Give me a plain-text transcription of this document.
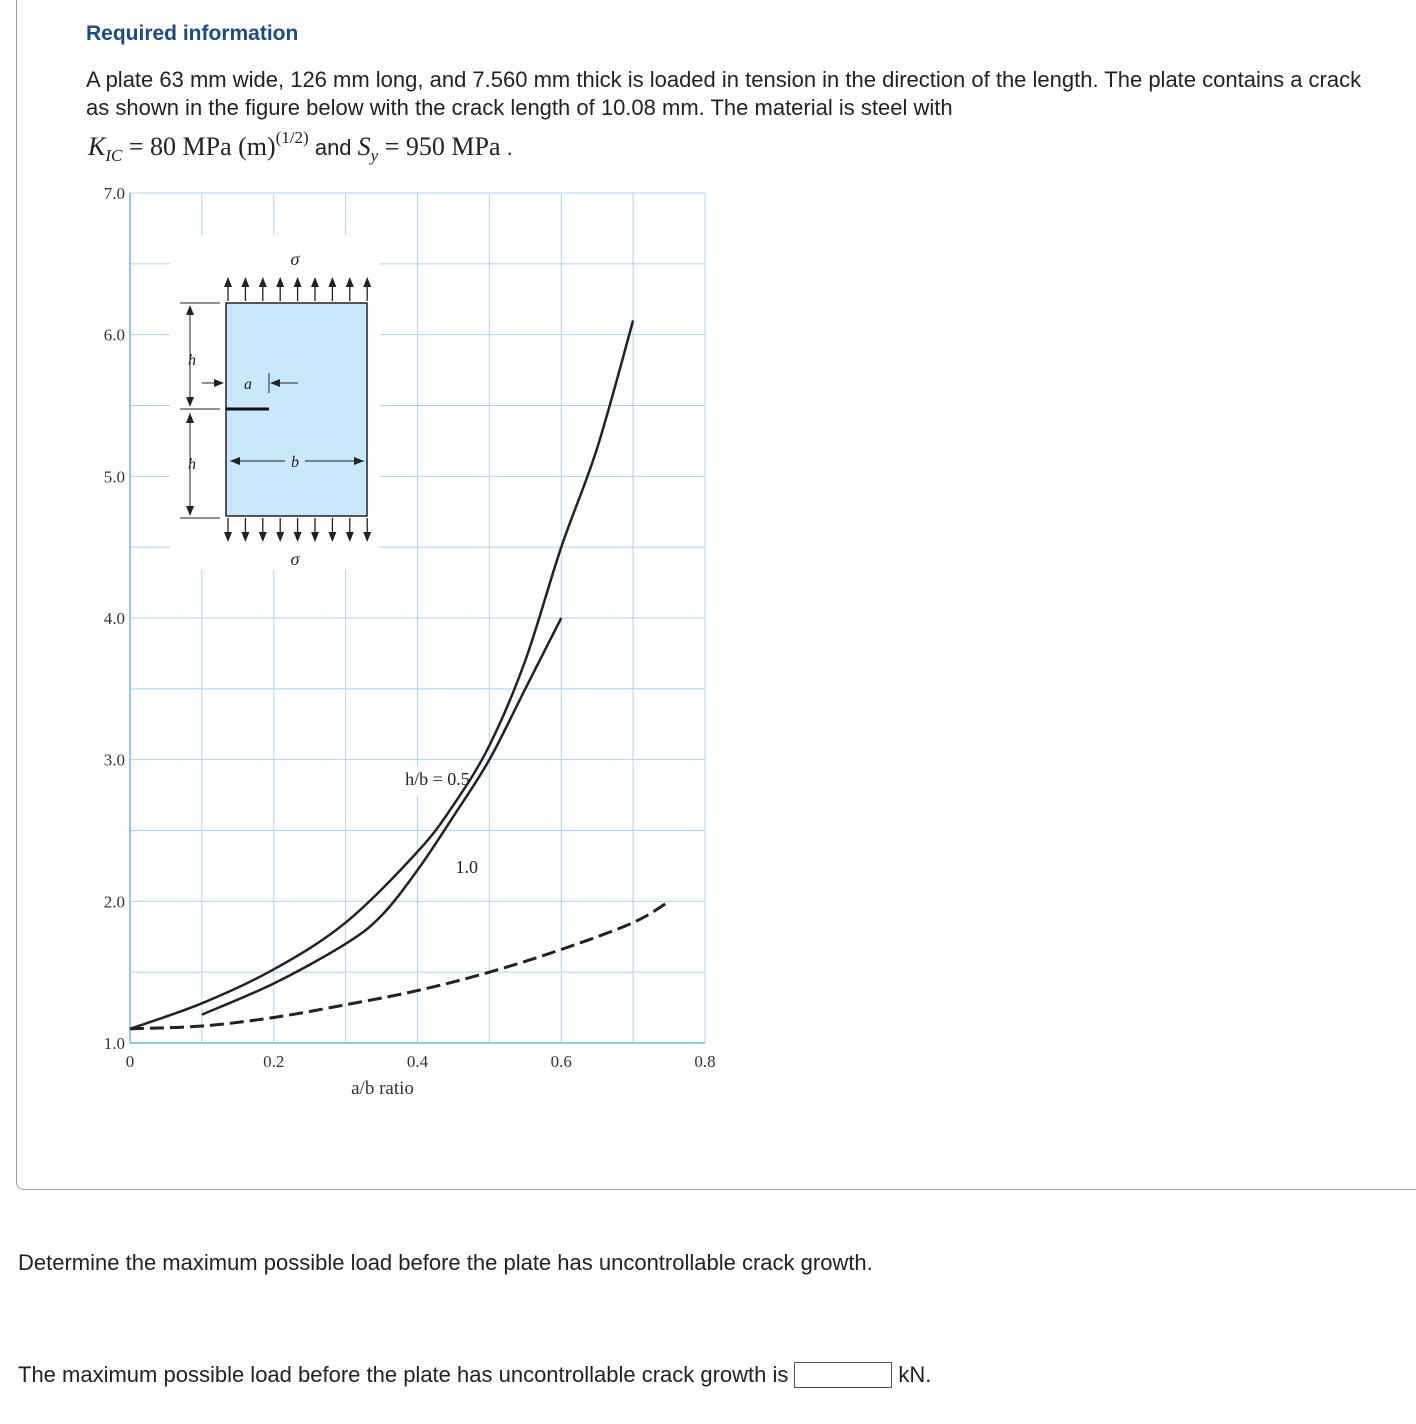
Required information
A plate 63 mm wide, 126 mm long, and 7.560 mm thick is loaded in tension in the direction of the length. The plate contains a crack as shown in the figure below with the crack length of 10.08 mm. The material is steel with
$K_{IC} = 80$ MPa $(m)^{(1/2)}$ and $S_y = 950$ MPa .
1.0
2.0
3.0
4.0
5.0
6.0
7.0
0	0.2	0.4	0.6	0.8
a/b ratio
σ
σ
h
h
a
b
h/b = 0.5
1.0
Determine the maximum possible load before the plate has uncontrollable crack growth.
The maximum possible load before the plate has uncontrollable crack growth is	kN.
